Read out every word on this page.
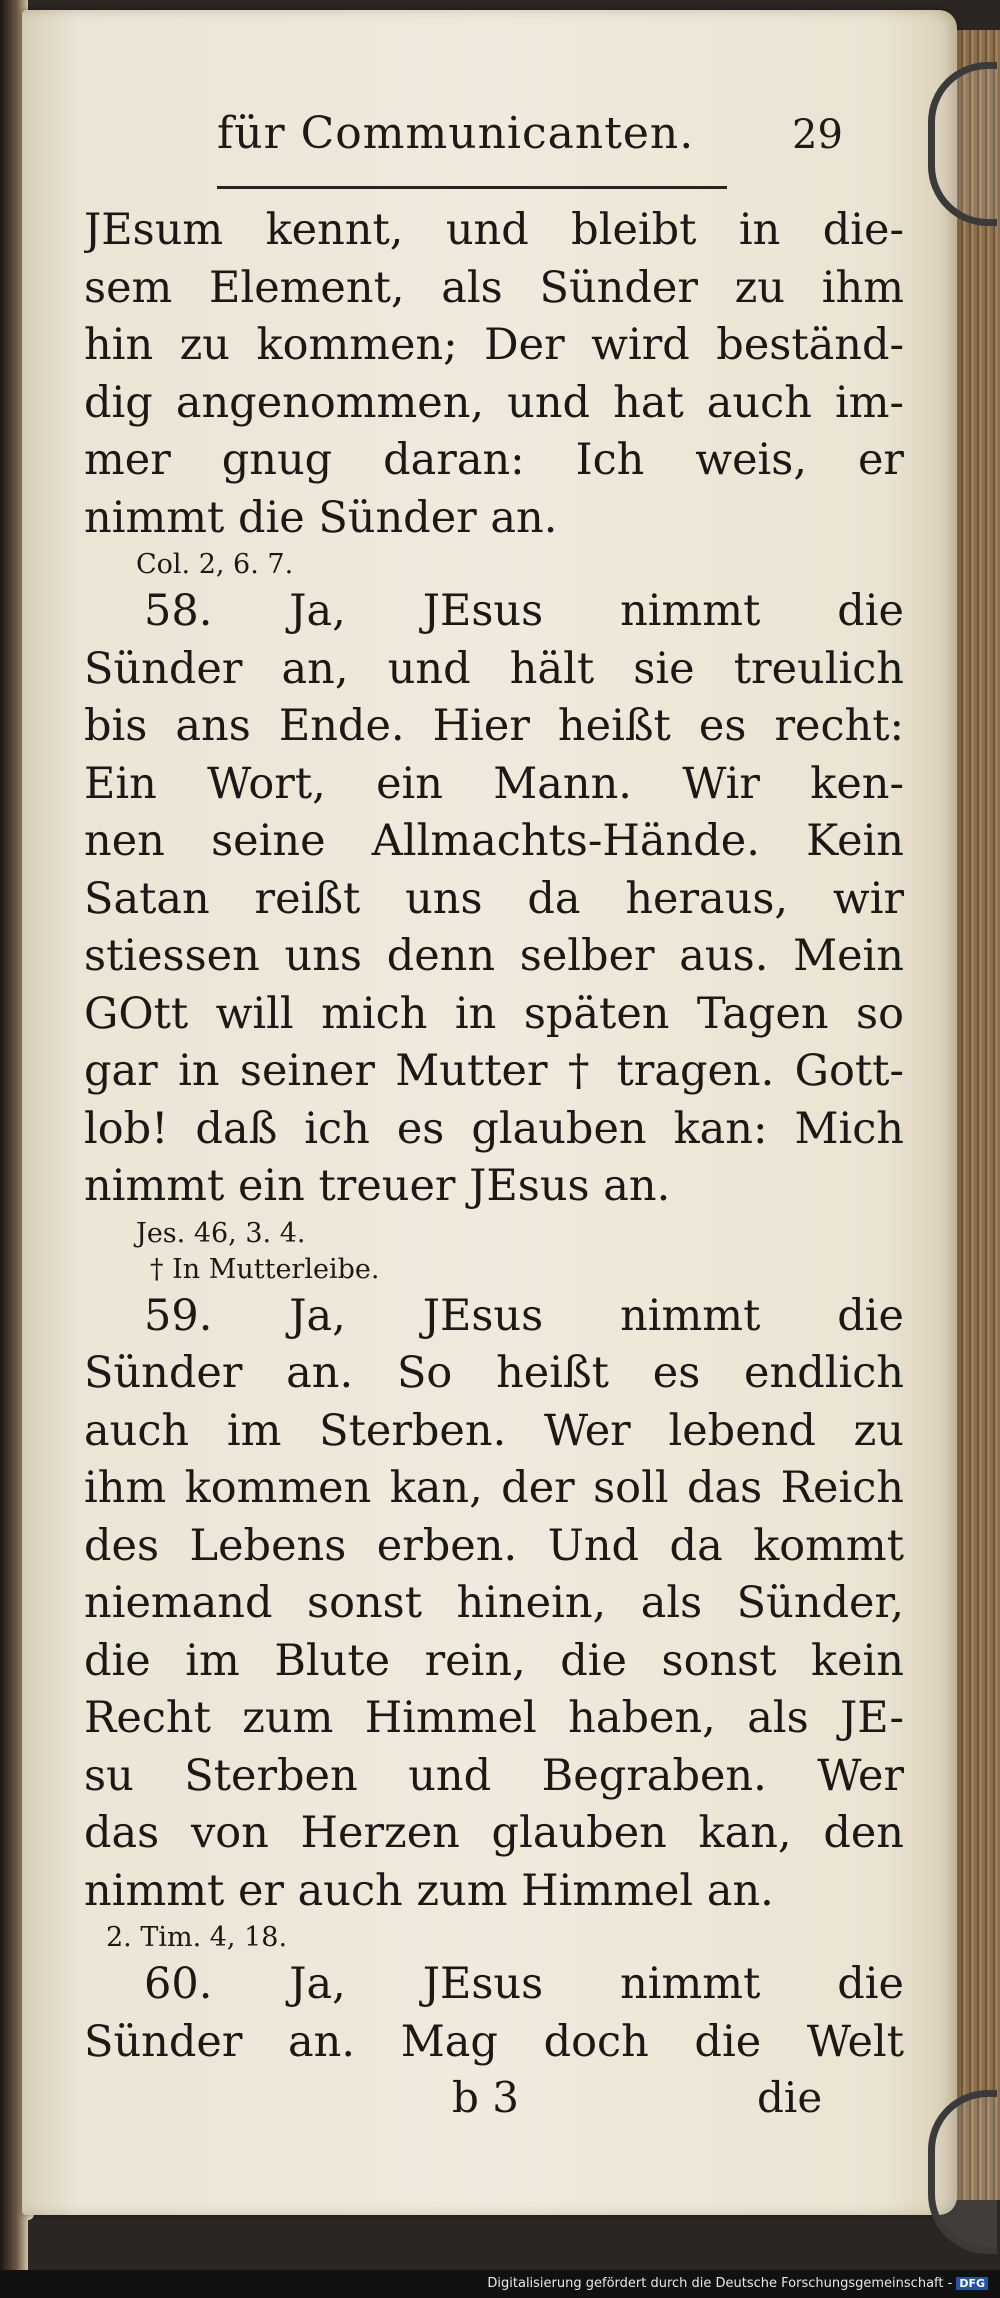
für Communicanten. 29
JEsum kennt, und bleibt in die-
sem Element, als Sünder zu ihm
hin zu kommen; Der wird beständ-
dig angenommen, und hat auch im-
mer gnug daran: Ich weis, er
nimmt die Sünder an.
Col. 2, 6. 7.
58. Ja, JEsus nimmt die
Sünder an, und hält sie treulich
bis ans Ende. Hier heißt es recht:
Ein Wort, ein Mann. Wir ken-
nen seine Allmachts-Hände. Kein
Satan reißt uns da heraus, wir
stiessen uns denn selber aus. Mein
GOtt will mich in späten Tagen so
gar in seiner Mutter † tragen. Gott-
lob! daß ich es glauben kan: Mich
nimmt ein treuer JEsus an.
Jes. 46, 3. 4.
† In Mutterleibe.
59. Ja, JEsus nimmt die
Sünder an. So heißt es endlich
auch im Sterben. Wer lebend zu
ihm kommen kan, der soll das Reich
des Lebens erben. Und da kommt
niemand sonst hinein, als Sünder,
die im Blute rein, die sonst kein
Recht zum Himmel haben, als JE-
su Sterben und Begraben. Wer
das von Herzen glauben kan, den
nimmt er auch zum Himmel an.
2. Tim. 4, 18.
60. Ja, JEsus nimmt die
Sünder an. Mag doch die Welt
b 3	die
Digitalisierung gefördert durch die Deutsche Forschungsgemeinschaft - DFG
